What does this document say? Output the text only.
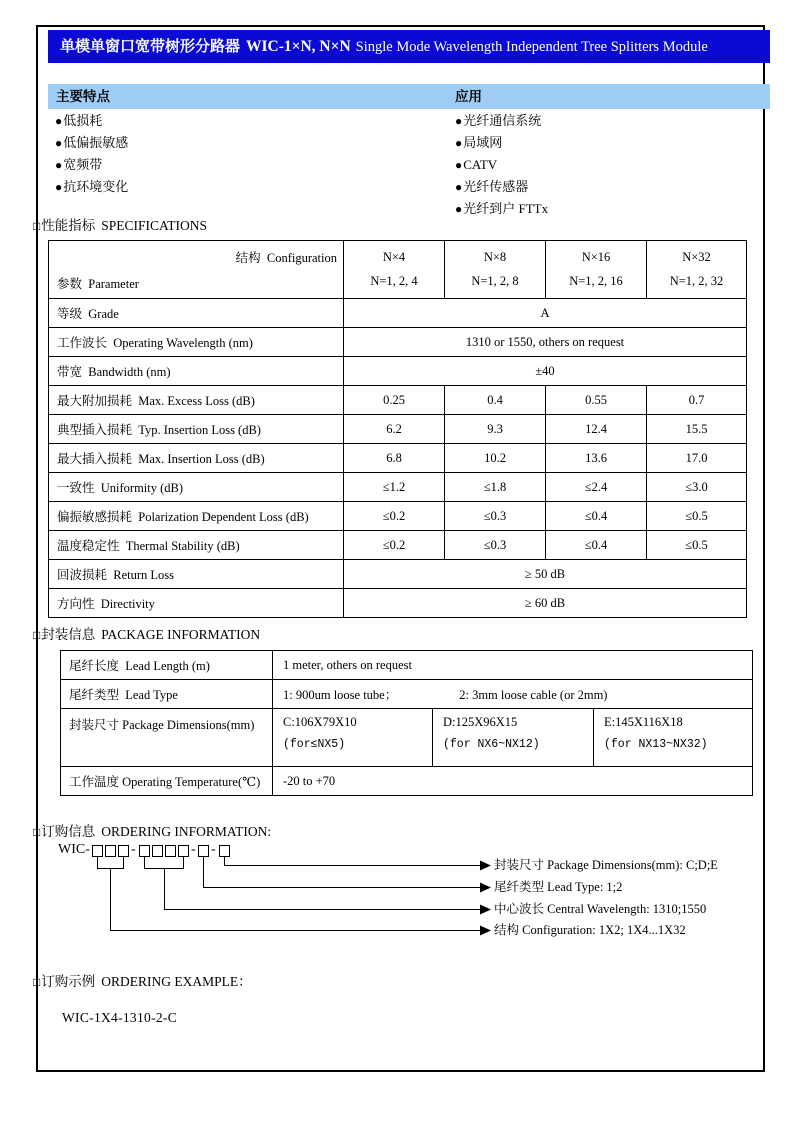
单模单窗口宽带树形分路器 WIC-1×N, N×N Single Mode Wavelength Independent Tree Splitters Module
主要特点	应用
●低损耗
●低偏振敏感
●宽频带
●抗环境变化
●光纤通信系统
●局域网
●CATV
●光纤传感器
●光纤到户 FTTx
□性能指标 SPECIFICATIONS
结构  Configuration
参数  Parameter

N×4
N=1, 2, 4

N×8
N=1, 2, 8

N×16
N=1, 2, 16

N×32
N=1, 2, 32

等级  Grade	A			
工作波长  Operating Wavelength (nm)	1310 or 1550, others on request			
带宽  Bandwidth (nm)	±40			
最大附加损耗  Max. Excess Loss (dB)	0.25	0.4	0.55	0.7
典型插入损耗  Typ. Insertion Loss (dB)	6.2	9.3	12.4	15.5
最大插入损耗  Max. Insertion Loss (dB)	6.8	10.2	13.6	17.0
一致性  Uniformity (dB)	≤1.2	≤1.8	≤2.4	≤3.0
偏振敏感损耗  Polarization Dependent Loss (dB)	≤0.2	≤0.3	≤0.4	≤0.5
温度稳定性  Thermal Stability (dB)	≤0.2	≤0.3	≤0.4	≤0.5
回波损耗  Return Loss	≥ 50 dB			
方向性  Directivity	≥ 60 dB			
□封装信息 PACKAGE INFORMATION
尾纤长度  Lead Length (m)	1 meter, others on request		
尾纤类型  Lead Type	1: 900um loose tube； 2: 3mm loose cable (or 2mm)		
封装尺寸 Package Dimensions(mm)	C:106X79X10
(for≤NX5)

D:125X96X15
(for NX6~NX12)

E:145X116X18
(for NX13~NX32)

工作温度 Operating Temperature(℃)	-20 to +70		
□订购信息 ORDERING INFORMATION:
WIC-	-	- -
封装尺寸 Package Dimensions(mm): C;D;E
尾纤类型 Lead Type: 1;2
中心波长 Central Wavelength: 1310;1550
结构 Configuration: 1X2; 1X4...1X32
□订购示例 ORDERING EXAMPLE：
WIC-1X4-1310-2-C
